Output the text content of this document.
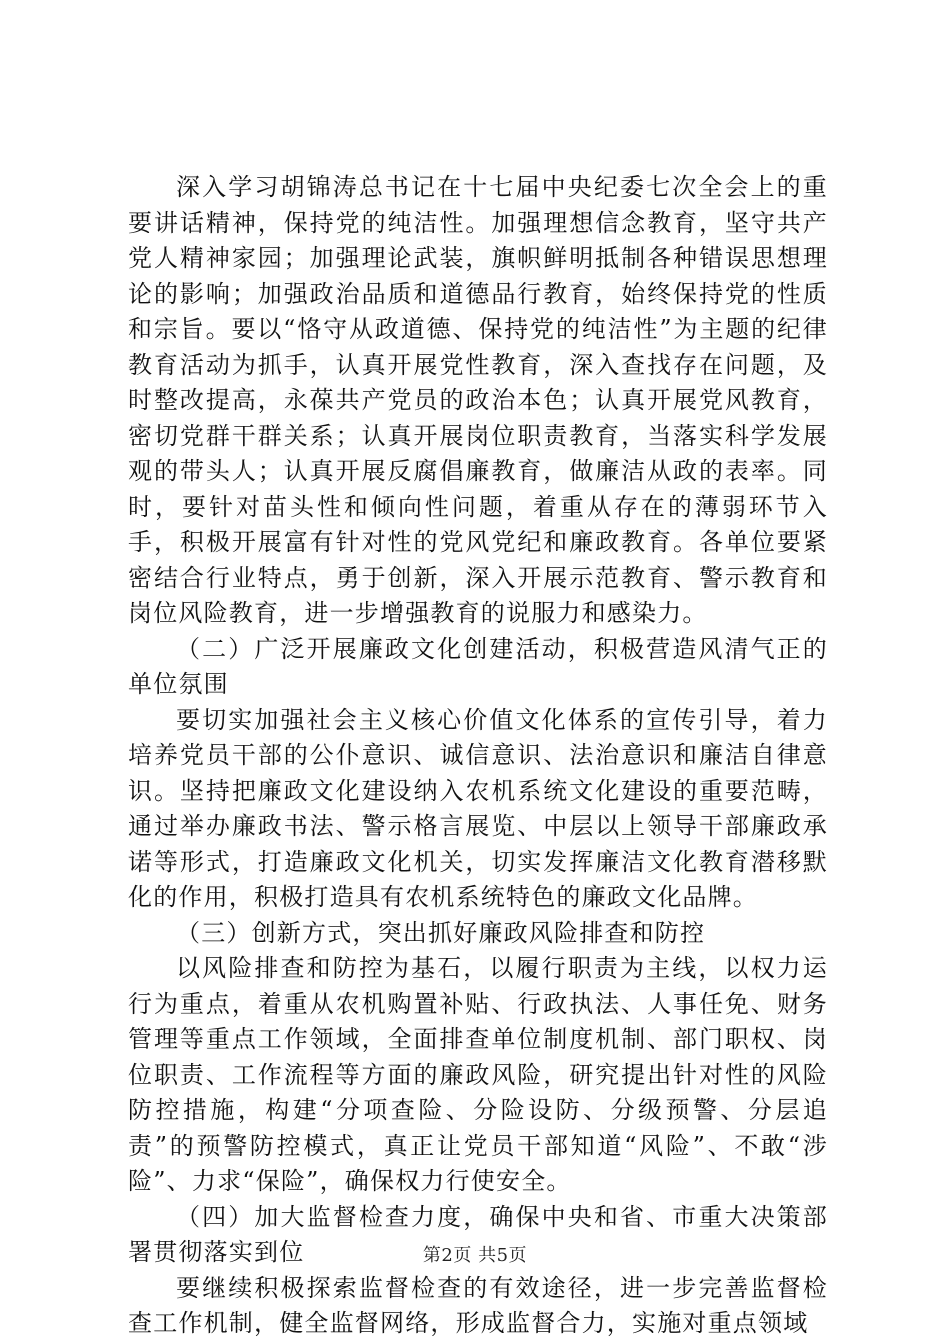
深入学习胡锦涛总书记在十七届中央纪委七次全会上的重要讲话精神，保持党的纯洁性。加强理想信念教育，坚守共产党人精神家园；加强理论武装，旗帜鲜明抵制各种错误思想理论的影响；加强政治品质和道德品行教育，始终保持党的性质和宗旨。要以“恪守从政道德、保持党的纯洁性”为主题的纪律教育活动为抓手，认真开展党性教育，深入查找存在问题，及时整改提高，永葆共产党员的政治本色；认真开展党风教育，密切党群干群关系；认真开展岗位职责教育，当落实科学发展观的带头人；认真开展反腐倡廉教育，做廉洁从政的表率。同时，要针对苗头性和倾向性问题，着重从存在的薄弱环节入手，积极开展富有针对性的党风党纪和廉政教育。各单位要紧密结合行业特点，勇于创新，深入开展示范教育、警示教育和岗位风险教育，进一步增强教育的说服力和感染力。

（二）广泛开展廉政文化创建活动，积极营造风清气正的单位氛围

要切实加强社会主义核心价值文化体系的宣传引导，着力培养党员干部的公仆意识、诚信意识、法治意识和廉洁自律意识。坚持把廉政文化建设纳入农机系统文化建设的重要范畴，通过举办廉政书法、警示格言展览、中层以上领导干部廉政承诺等形式，打造廉政文化机关，切实发挥廉洁文化教育潜移默化的作用，积极打造具有农机系统特色的廉政文化品牌。

（三）创新方式，突出抓好廉政风险排查和防控

以风险排查和防控为基石，以履行职责为主线，以权力运行为重点，着重从农机购置补贴、行政执法、人事任免、财务管理等重点工作领域，全面排查单位制度机制、部门职权、岗位职责、工作流程等方面的廉政风险，研究提出针对性的风险防控措施，构建“分项查险、分险设防、分级预警、分层追责”的预警防控模式，真正让党员干部知道“风险”、不敢“涉险”、力求“保险”，确保权力行使安全。

（四）加大监督检查力度，确保中央和省、市重大决策部署贯彻落实到位

要继续积极探索监督检查的有效途径，进一步完善监督检查工作机制，健全监督网络，形成监督合力，实施对重点领域

第2页 共5页
